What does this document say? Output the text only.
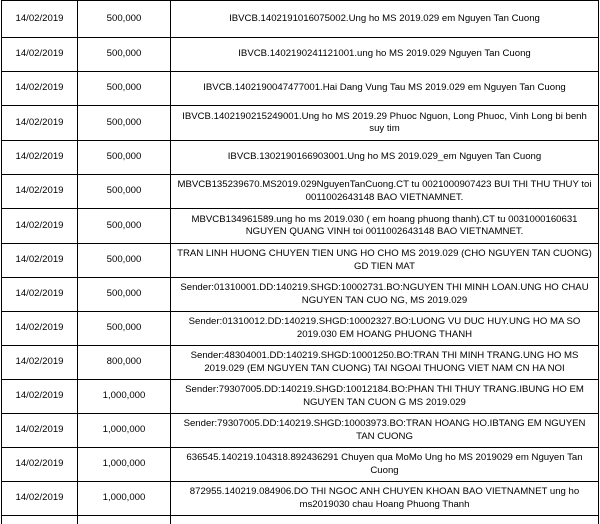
14/02/2019	500,000	IBVCB.1402191016075002.Ung ho MS 2019.029 em Nguyen Tan Cuong
14/02/2019	500,000	IBVCB.1402190241121001.ung ho MS 2019.029 Nguyen Tan Cuong
14/02/2019	500,000	IBVCB.1402190047477001.Hai Dang Vung Tau MS 2019.029 em Nguyen Tan Cuong
14/02/2019	500,000	IBVCB.1402190215249001.Ung ho MS 2019.29 Phuoc Nguon, Long Phuoc, Vinh Long bi benh suy tim
14/02/2019	500,000	IBVCB.1302190166903001.Ung ho MS 2019.029_em Nguyen Tan Cuong
14/02/2019	500,000	MBVCB135239670.MS2019.029NguyenTanCuong.CT tu 0021000907423 BUI THI THU THUY toi 0011002643148 BAO VIETNAMNET.
14/02/2019	500,000	MBVCB134961589.ung ho ms 2019.030 ( em hoang phuong thanh).CT tu 0031000160631 NGUYEN QUANG VINH toi 0011002643148 BAO VIETNAMNET.
14/02/2019	500,000	TRAN LINH HUONG CHUYEN TIEN UNG HO CHO MS 2019.029 (CHO NGUYEN TAN CUONG) GD TIEN MAT
14/02/2019	500,000	Sender:01310001.DD:140219.SHGD:10002731.BO:NGUYEN THI MINH LOAN.UNG HO CHAU NGUYEN TAN CUO NG, MS 2019.029
14/02/2019	500,000	Sender:01310012.DD:140219.SHGD:10002327.BO:LUONG VU DUC HUY.UNG HO MA SO 2019.030 EM HOANG PHUONG THANH
14/02/2019	800,000	Sender:48304001.DD:140219.SHGD:10001250.BO:TRAN THI MINH TRANG.UNG HO MS 2019.029 (EM NGUYEN TAN CUONG) TAI NGOAI THUONG VIET NAM CN HA NOI
14/02/2019	1,000,000	Sender:79307005.DD:140219.SHGD:10012184.BO:PHAN THI THUY TRANG.IBUNG HO EM NGUYEN TAN CUON G MS 2019.029
14/02/2019	1,000,000	Sender:79307005.DD:140219.SHGD:10003973.BO:TRAN HOANG HO.IBTANG EM NGUYEN TAN CUONG
14/02/2019	1,000,000	636545.140219.104318.892436291 Chuyen qua MoMo Ung ho MS 2019029 em Nguyen Tan Cuong
14/02/2019	1,000,000	872955.140219.084906.DO THI NGOC ANH CHUYEN KHOAN BAO VIETNAMNET ung ho ms2019030 chau Hoang Phuong Thanh
